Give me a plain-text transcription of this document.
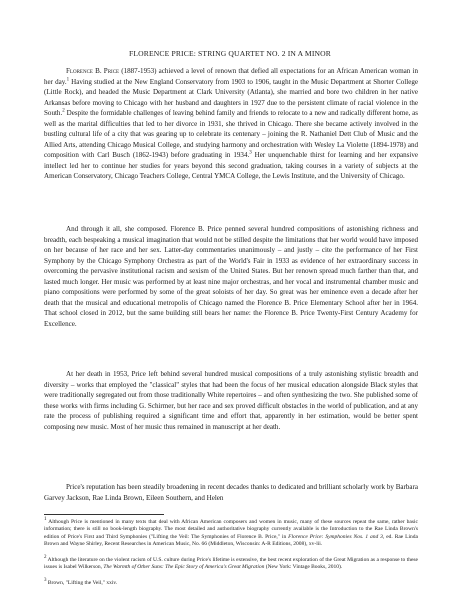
FLORENCE PRICE: STRING QUARTET NO. 2 IN A MINOR

Florence B. Price (1887-1953) achieved a level of renown that defied all expectations for an African American woman in her day.$^1$ Having studied at the New England Conservatory from 1903 to 1906, taught in the Music Department at Shorter College (Little Rock), and headed the Music Department at Clark University (Atlanta), she married and bore two children in her native Arkansas before moving to Chicago with her husband and daughters in 1927 due to the persistent climate of racial violence in the South.$^2$ Despite the formidable challenges of leaving behind family and friends to relocate to a new and radically different home, as well as the marital difficulties that led to her divorce in 1931, she thrived in Chicago. There she became actively involved in the bustling cultural life of a city that was gearing up to celebrate its centenary – joining the R. Nathaniel Dett Club of Music and the Allied Arts, attending Chicago Musical College, and studying harmony and orchestration with Wesley La Violette (1894-1978) and composition with Carl Busch (1862-1943) before graduating in 1934.$^3$ Her unquenchable thirst for learning and her expansive intellect led her to continue her studies for years beyond this second graduation, taking courses in a variety of subjects at the American Conservatory, Chicago Teachers College, Central YMCA College, the Lewis Institute, and the University of Chicago.

And through it all, she composed. Florence B. Price penned several hundred compositions of astonishing richness and breadth, each bespeaking a musical imagination that would not be stilled despite the limitations that her world would have imposed on her because of her race and her sex. Latter-day commentaries unanimously – and justly – cite the performance of her First Symphony by the Chicago Symphony Orchestra as part of the World's Fair in 1933 as evidence of her extraordinary success in overcoming the pervasive institutional racism and sexism of the United States. But her renown spread much farther than that, and lasted much longer. Her music was performed by at least nine major orchestras, and her vocal and instrumental chamber music and piano compositions were performed by some of the great soloists of her day. So great was her eminence even a decade after her death that the musical and educational metropolis of Chicago named the Florence B. Price Elementary School after her in 1964. That school closed in 2012, but the same building still bears her name: the Florence B. Price Twenty-First Century Academy for Excellence.

At her death in 1953, Price left behind several hundred musical compositions of a truly astonishing stylistic breadth and diversity – works that employed the "classical" styles that had been the focus of her musical education alongside Black styles that were traditionally segregated out from those traditionally White repertoires – and often synthesizing the two. She published some of these works with firms including G. Schirmer, but her race and sex proved difficult obstacles in the world of publication, and at any rate the process of publishing required a significant time and effort that, apparently in her estimation, would be better spent composing new music. Most of her music thus remained in manuscript at her death.

Price's reputation has been steadily broadening in recent decades thanks to dedicated and brilliant scholarly work by Barbara Garvey Jackson, Rae Linda Brown, Eileen Southern, and Helen

$^1$ Although Price is mentioned in many texts that deal with African American composers and women in music, many of these sources repeat the same, rather basic information; there is still no book-length biography. The most detailed and authoritative biography currently available is the Introduction to the Rae Linda Brown's edition of Price's First and Third Symphonies ("Lifting the Veil: The Symphonies of Florence B. Price," in Florence Price: Symphonies Nos. 1 and 3, ed. Rae Linda Brown and Wayne Shirley, Recent Researches in American Music, No. 66 (Middleton, Wisconsin: A-R Editions, 2008), xv-lii.

$^2$ Although the literature on the violent racism of U.S. culture during Price's lifetime is extensive, the best recent exploration of the Great Migration as a response to these issues is Isabel Wilkerson, The Warmth of Other Suns: The Epic Story of America's Great Migration (New York: Vintage Books, 2010).

$^3$ Brown, "Lifting the Veil," xxiv.
